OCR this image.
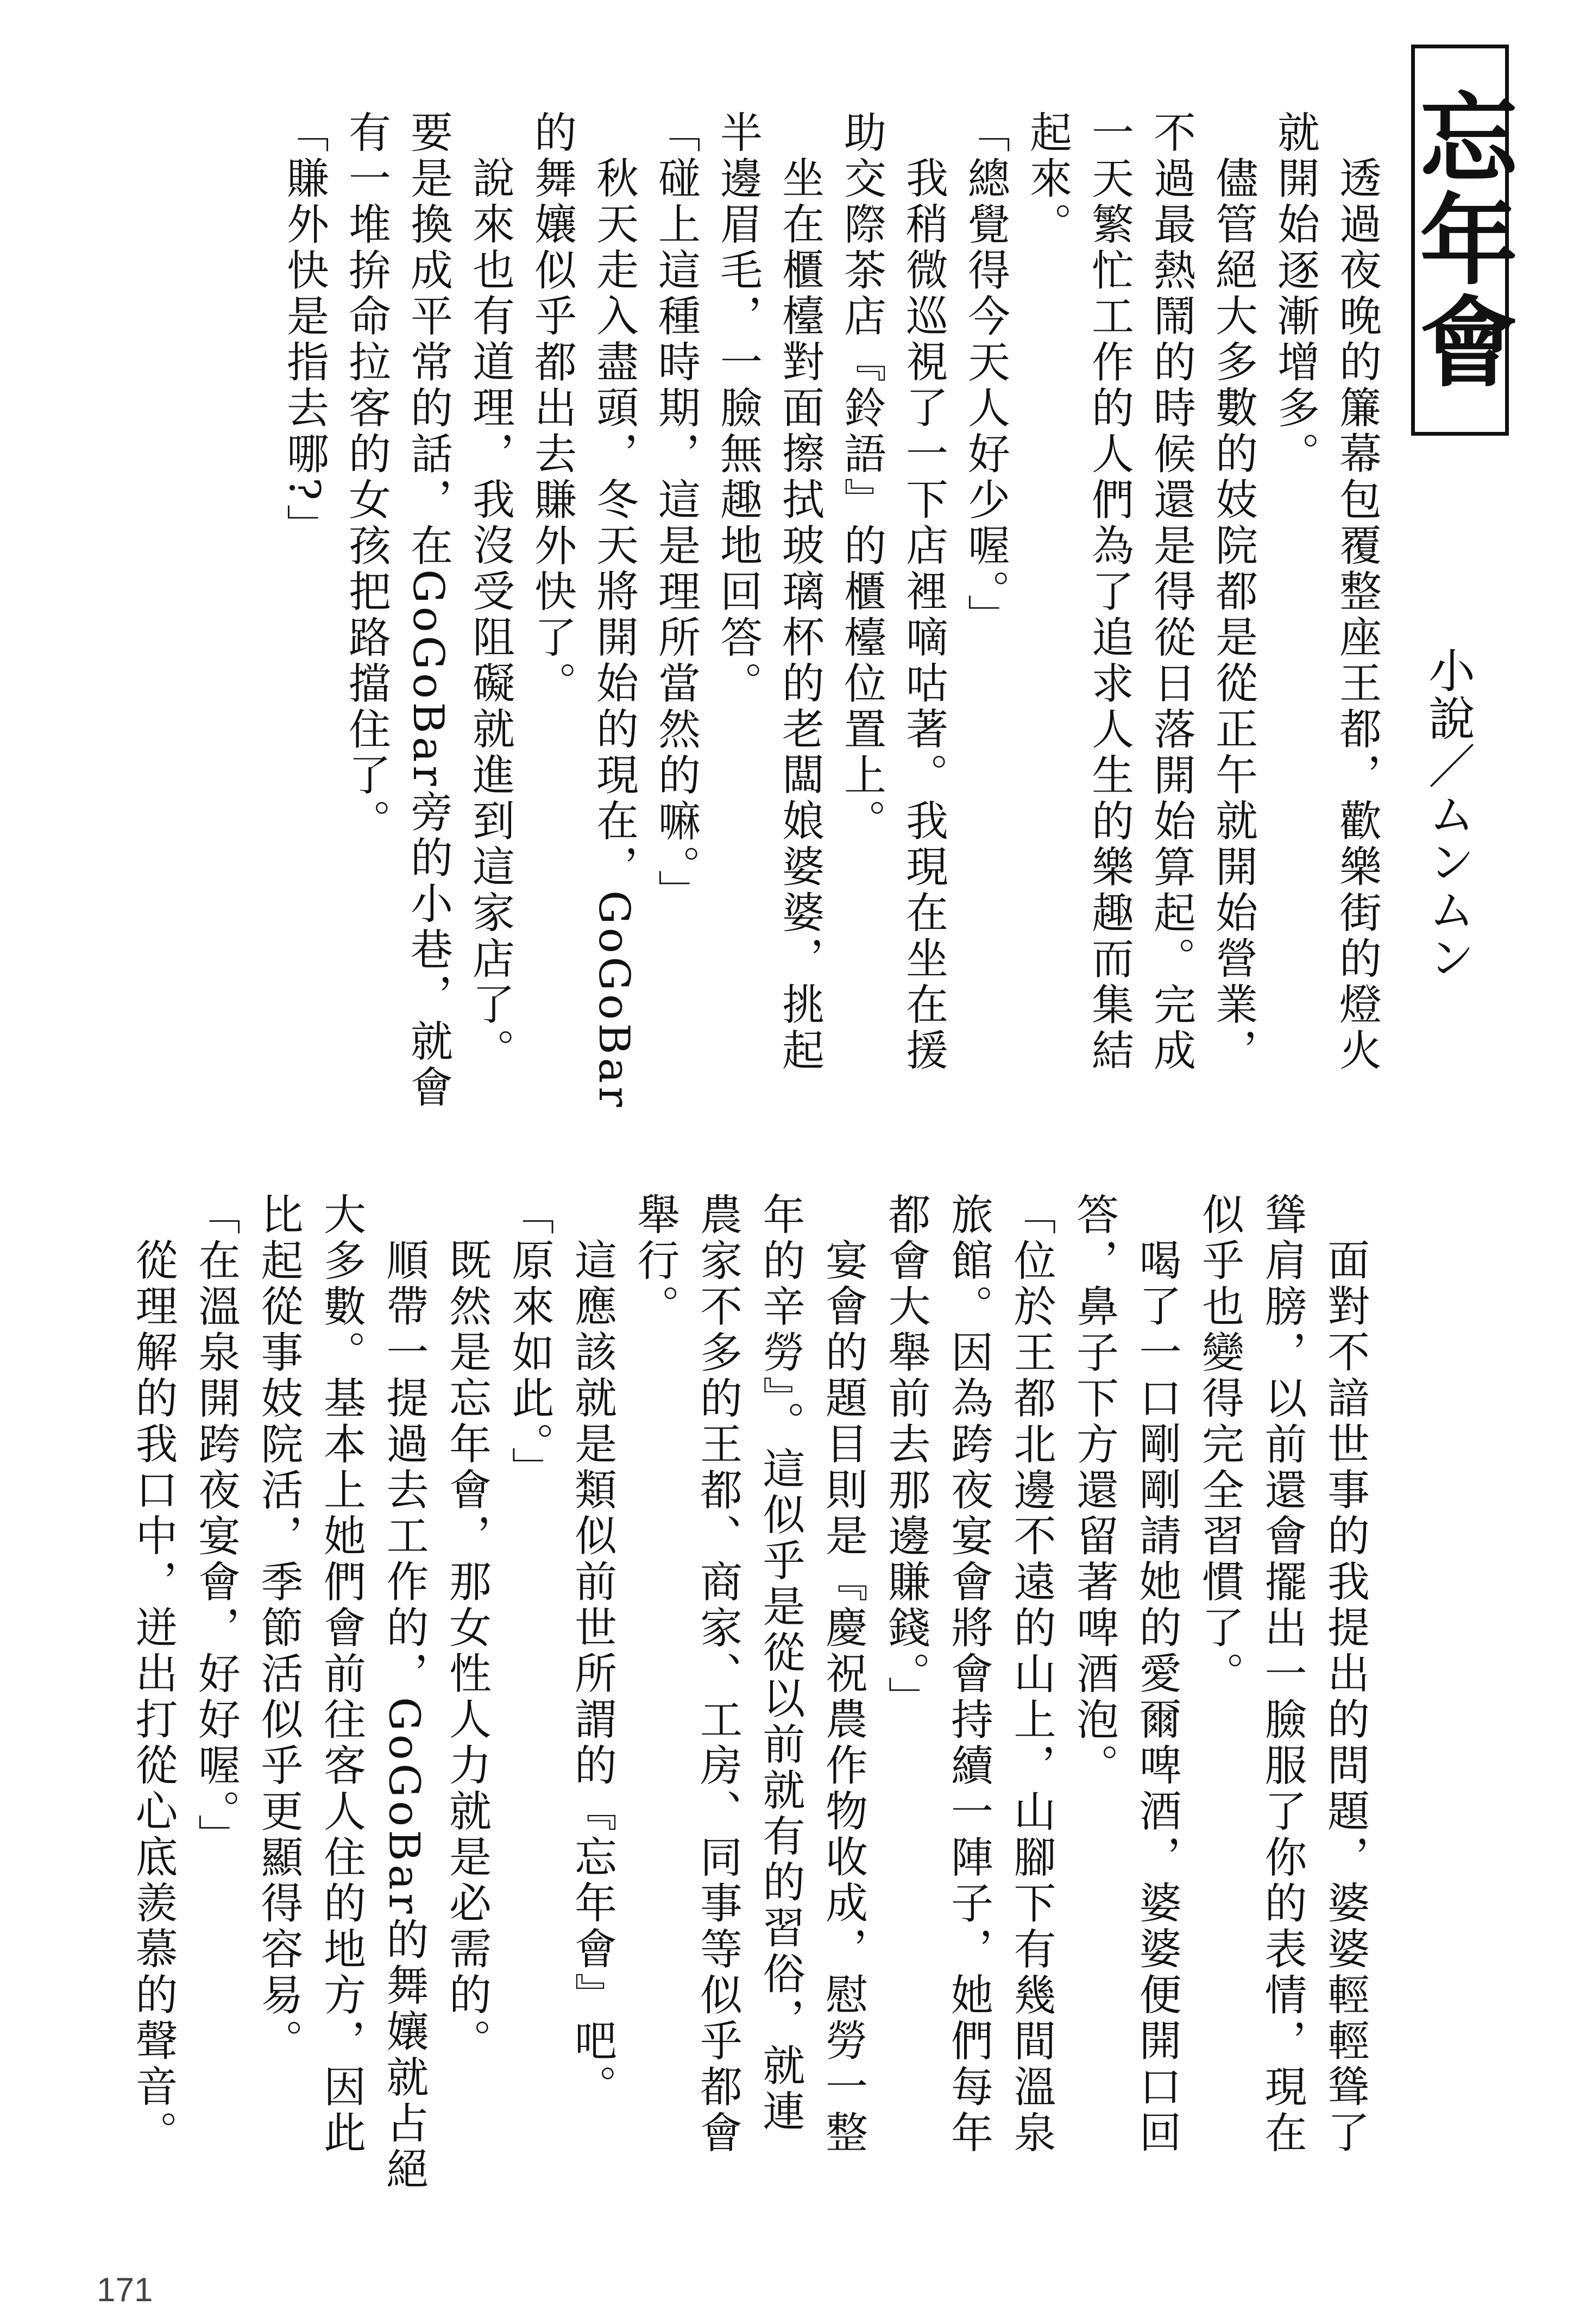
忘年會
小說／ムンムン
透過夜晚的簾幕包覆整座王都，歡樂街的燈火
就開始逐漸增多。
儘管絕大多數的妓院都是從正午就開始營業，
不過最熱鬧的時候還是得從日落開始算起。完成
一天繁忙工作的人們為了追求人生的樂趣而集結
起來。
「總覺得今天人好少喔。」
我稍微巡視了一下店裡嘀咕著。我現在坐在援
助交際茶店『鈴語』的櫃檯位置上。
坐在櫃檯對面擦拭玻璃杯的老闆娘婆婆，挑起
半邊眉毛，一臉無趣地回答。
「碰上這種時期，這是理所當然的嘛。」
秋天走入盡頭，冬天將開始的現在，GoGoBar
的舞孃似乎都出去賺外快了。
說來也有道理，我沒受阻礙就進到這家店了。
要是換成平常的話，在GoGoBar旁的小巷，就會
有一堆拚命拉客的女孩把路擋住了。
「賺外快是指去哪?」
面對不諳世事的我提出的問題，婆婆輕輕聳了
聳肩膀，以前還會擺出一臉服了你的表情，現在
似乎也變得完全習慣了。
喝了一口剛剛請她的愛爾啤酒，婆婆便開口回
答，鼻子下方還留著啤酒泡。
「位於王都北邊不遠的山上，山腳下有幾間溫泉
旅館。因為跨夜宴會將會持續一陣子，她們每年
都會大舉前去那邊賺錢。」
宴會的題目則是『慶祝農作物收成，慰勞一整
年的辛勞』。這似乎是從以前就有的習俗，就連
農家不多的王都、商家、工房、同事等似乎都會
舉行。
這應該就是類似前世所謂的『忘年會』吧。
「原來如此。」
既然是忘年會，那女性人力就是必需的。
順帶一提過去工作的，GoGoBar的舞孃就占絕
大多數。基本上她們會前往客人住的地方，因此
比起從事妓院活，季節活似乎更顯得容易。
「在溫泉開跨夜宴會，好好喔。」
從理解的我口中，迸出打從心底羨慕的聲音。
171
